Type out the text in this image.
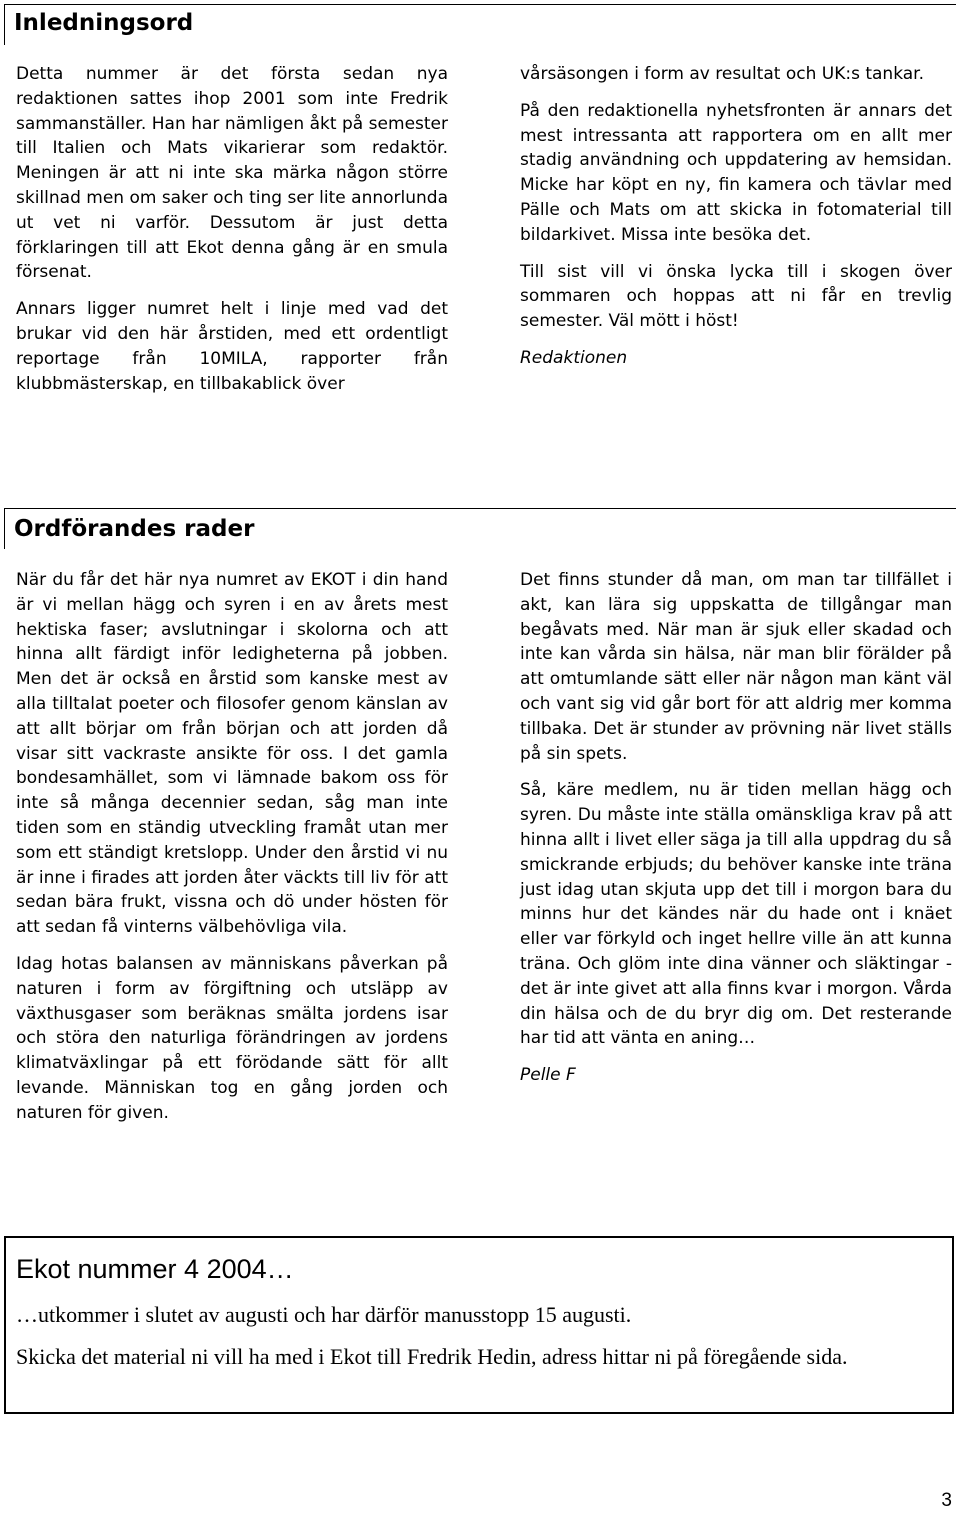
Inledningsord

Detta nummer är det första sedan nya redaktionen sattes ihop 2001 som inte Fredrik sammanställer. Han har nämligen åkt på semester till Italien och Mats vikarierar som redaktör. Meningen är att ni inte ska märka någon större skillnad men om saker och ting ser lite annorlunda ut vet ni varför. Dessutom är just detta förklaringen till att Ekot denna gång är en smula försenat.

Annars ligger numret helt i linje med vad det brukar vid den här årstiden, med ett ordentligt reportage från 10MILA, rapporter från klubbmästerskap, en tillbakablick över

vårsäsongen i form av resultat och UK:s tankar.

På den redaktionella nyhetsfronten är annars det mest intressanta att rapportera om en allt mer stadig användning och uppdatering av hemsidan. Micke har köpt en ny, fin kamera och tävlar med Pälle och Mats om att skicka in fotomaterial till bildarkivet. Missa inte besöka det.

Till sist vill vi önska lycka till i skogen över sommaren och hoppas att ni får en trevlig semester. Väl mött i höst!

Redaktionen

Ordförandes rader

När du får det här nya numret av EKOT i din hand är vi mellan hägg och syren i en av årets mest hektiska faser; avslutningar i skolorna och att hinna allt färdigt inför ledigheterna på jobben. Men det är också en årstid som kanske mest av alla tilltalat poeter och filosofer genom känslan av att allt börjar om från början och att jorden då visar sitt vackraste ansikte för oss. I det gamla bondesamhället, som vi lämnade bakom oss för inte så många decennier sedan, såg man inte tiden som en ständig utveckling framåt utan mer som ett ständigt kretslopp. Under den årstid vi nu är inne i firades att jorden åter väckts till liv för att sedan bära frukt, vissna och dö under hösten för att sedan få vinterns välbehövliga vila.

Idag hotas balansen av människans påverkan på naturen i form av förgiftning och utsläpp av växthusgaser som beräknas smälta jordens isar och störa den naturliga förändringen av jordens klimatväxlingar på ett förödande sätt för allt levande. Människan tog en gång jorden och naturen för given.

Det finns stunder då man, om man tar tillfället i akt, kan lära sig uppskatta de tillgångar man begåvats med. När man är sjuk eller skadad och inte kan vårda sin hälsa, när man blir förälder på att omtumlande sätt eller när någon man känt väl och vant sig vid går bort för att aldrig mer komma tillbaka. Det är stunder av prövning när livet ställs på sin spets.

Så, käre medlem, nu är tiden mellan hägg och syren. Du måste inte ställa omänskliga krav på att hinna allt i livet eller säga ja till alla uppdrag du så smickrande erbjuds; du behöver kanske inte träna just idag utan skjuta upp det till i morgon bara du minns hur det kändes när du hade ont i knäet eller var förkyld och inget hellre ville än att kunna träna. Och glöm inte dina vänner och släktingar - det är inte givet att alla finns kvar i morgon. Vårda din hälsa och de du bryr dig om. Det resterande har tid att vänta en aning…

Pelle F

Ekot nummer 4 2004…
…utkommer i slutet av augusti och har därför manusstopp 15 augusti.
Skicka det material ni vill ha med i Ekot till Fredrik Hedin, adress hittar ni på föregående sida.
3
